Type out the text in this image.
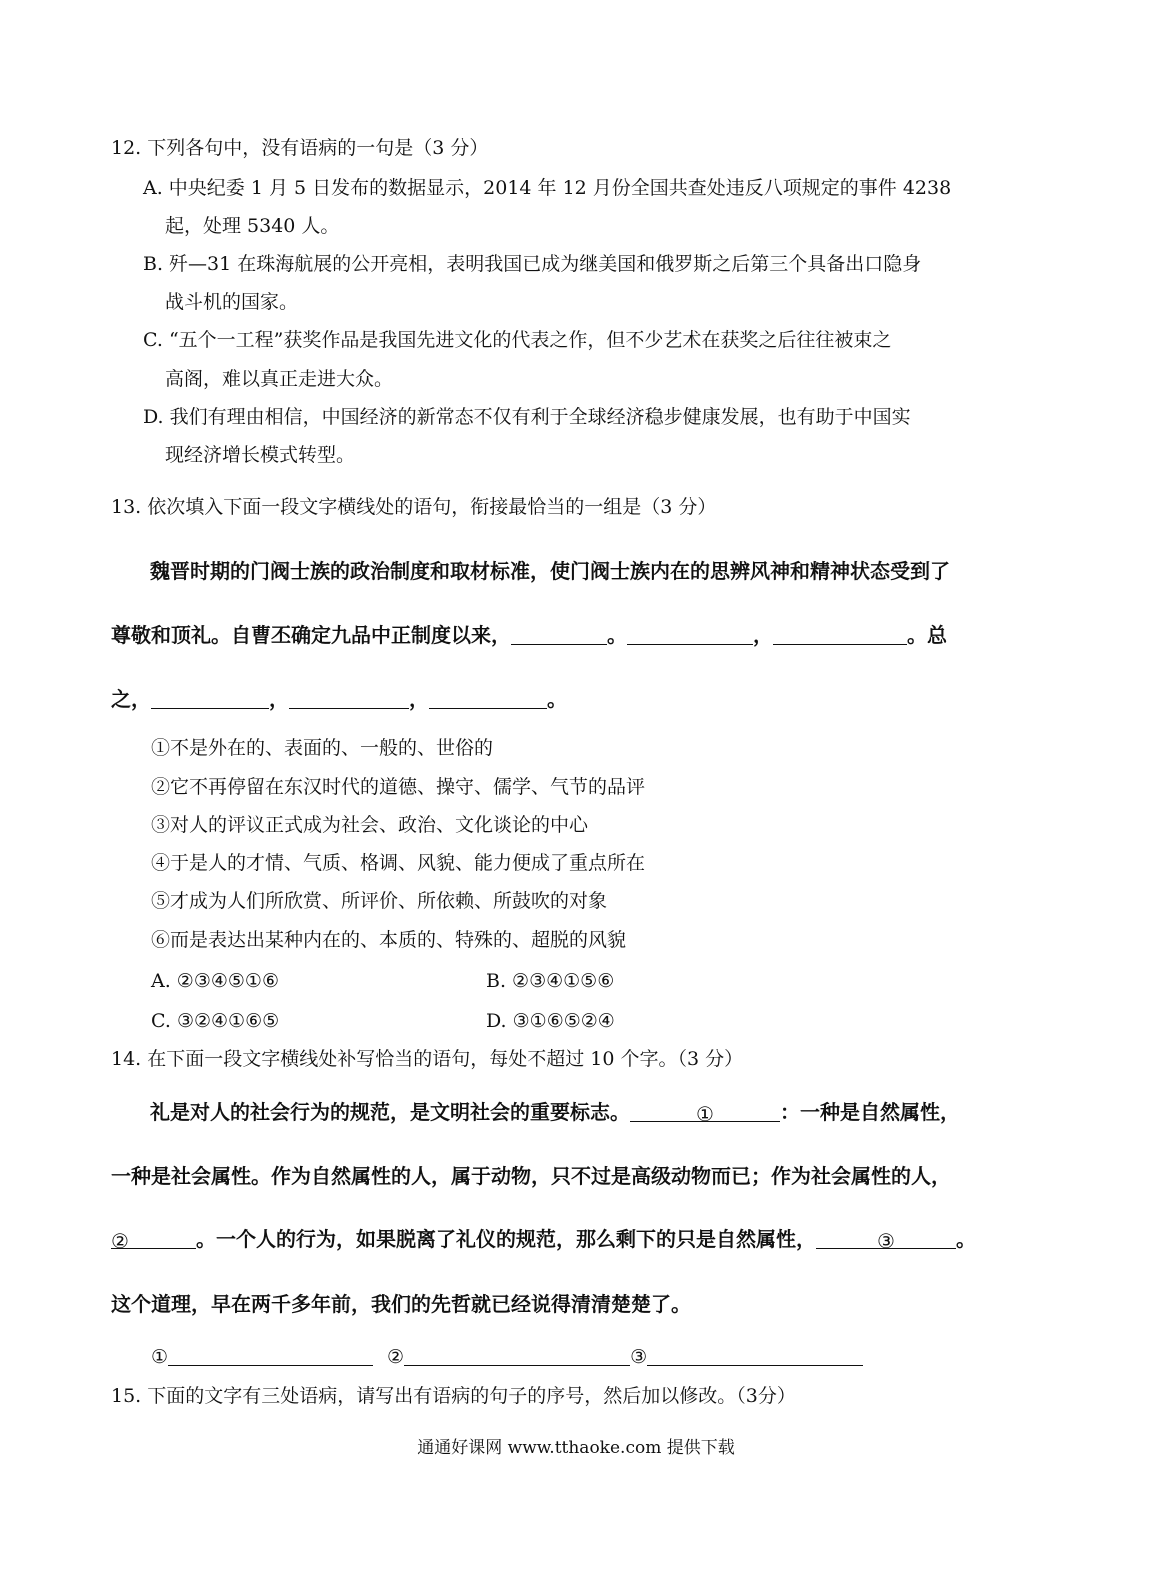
12. 下列各句中，没有语病的一句是（3 分）
A. 中央纪委 1 月 5 日发布的数据显示，2014 年 12 月份全国共查处违反八项规定的事件 4238
起，处理 5340 人。
B. 歼—31 在珠海航展的公开亮相，表明我国已成为继美国和俄罗斯之后第三个具备出口隐身
战斗机的国家。
C. “五个一工程”获奖作品是我国先进文化的代表之作，但不少艺术在获奖之后往往被束之
高阁，难以真正走进大众。
D. 我们有理由相信，中国经济的新常态不仅有利于全球经济稳步健康发展，也有助于中国实
现经济增长模式转型。
13. 依次填入下面一段文字横线处的语句，衔接最恰当的一组是（3 分）
魏晋时期的门阀士族的政治制度和取材标准，使门阀士族内在的思辨风神和精神状态受到了
尊敬和顶礼。自曹丕确定九品中正制度以来，	。	，	。总
之，	，	，	。
①不是外在的、表面的、一般的、世俗的
②它不再停留在东汉时代的道德、操守、儒学、气节的品评
③对人的评议正式成为社会、政治、文化谈论的中心
④于是人的才情、气质、格调、风貌、能力便成了重点所在
⑤才成为人们所欣赏、所评价、所依赖、所鼓吹的对象
⑥而是表达出某种内在的、本质的、特殊的、超脱的风貌
A. ②③④⑤①⑥	B. ②③④①⑤⑥
C. ③②④①⑥⑤	D. ③①⑥⑤②④
14. 在下面一段文字横线处补写恰当的语句，每处不超过 10 个字。（3 分）
礼是对人的社会行为的规范，是文明社会的重要标志。	①	：一种是自然属性，
一种是社会属性。作为自然属性的人，属于动物，只不过是高级动物而已；作为社会属性的人，
②	。一个人的行为，如果脱离了礼仪的规范，那么剩下的只是自然属性，	③	。
这个道理，早在两千多年前，我们的先哲就已经说得清清楚楚了。
①	②	③
15. 下面的文字有三处语病，请写出有语病的句子的序号，然后加以修改。（3分）
通通好课网 www.tthaoke.com 提供下载
